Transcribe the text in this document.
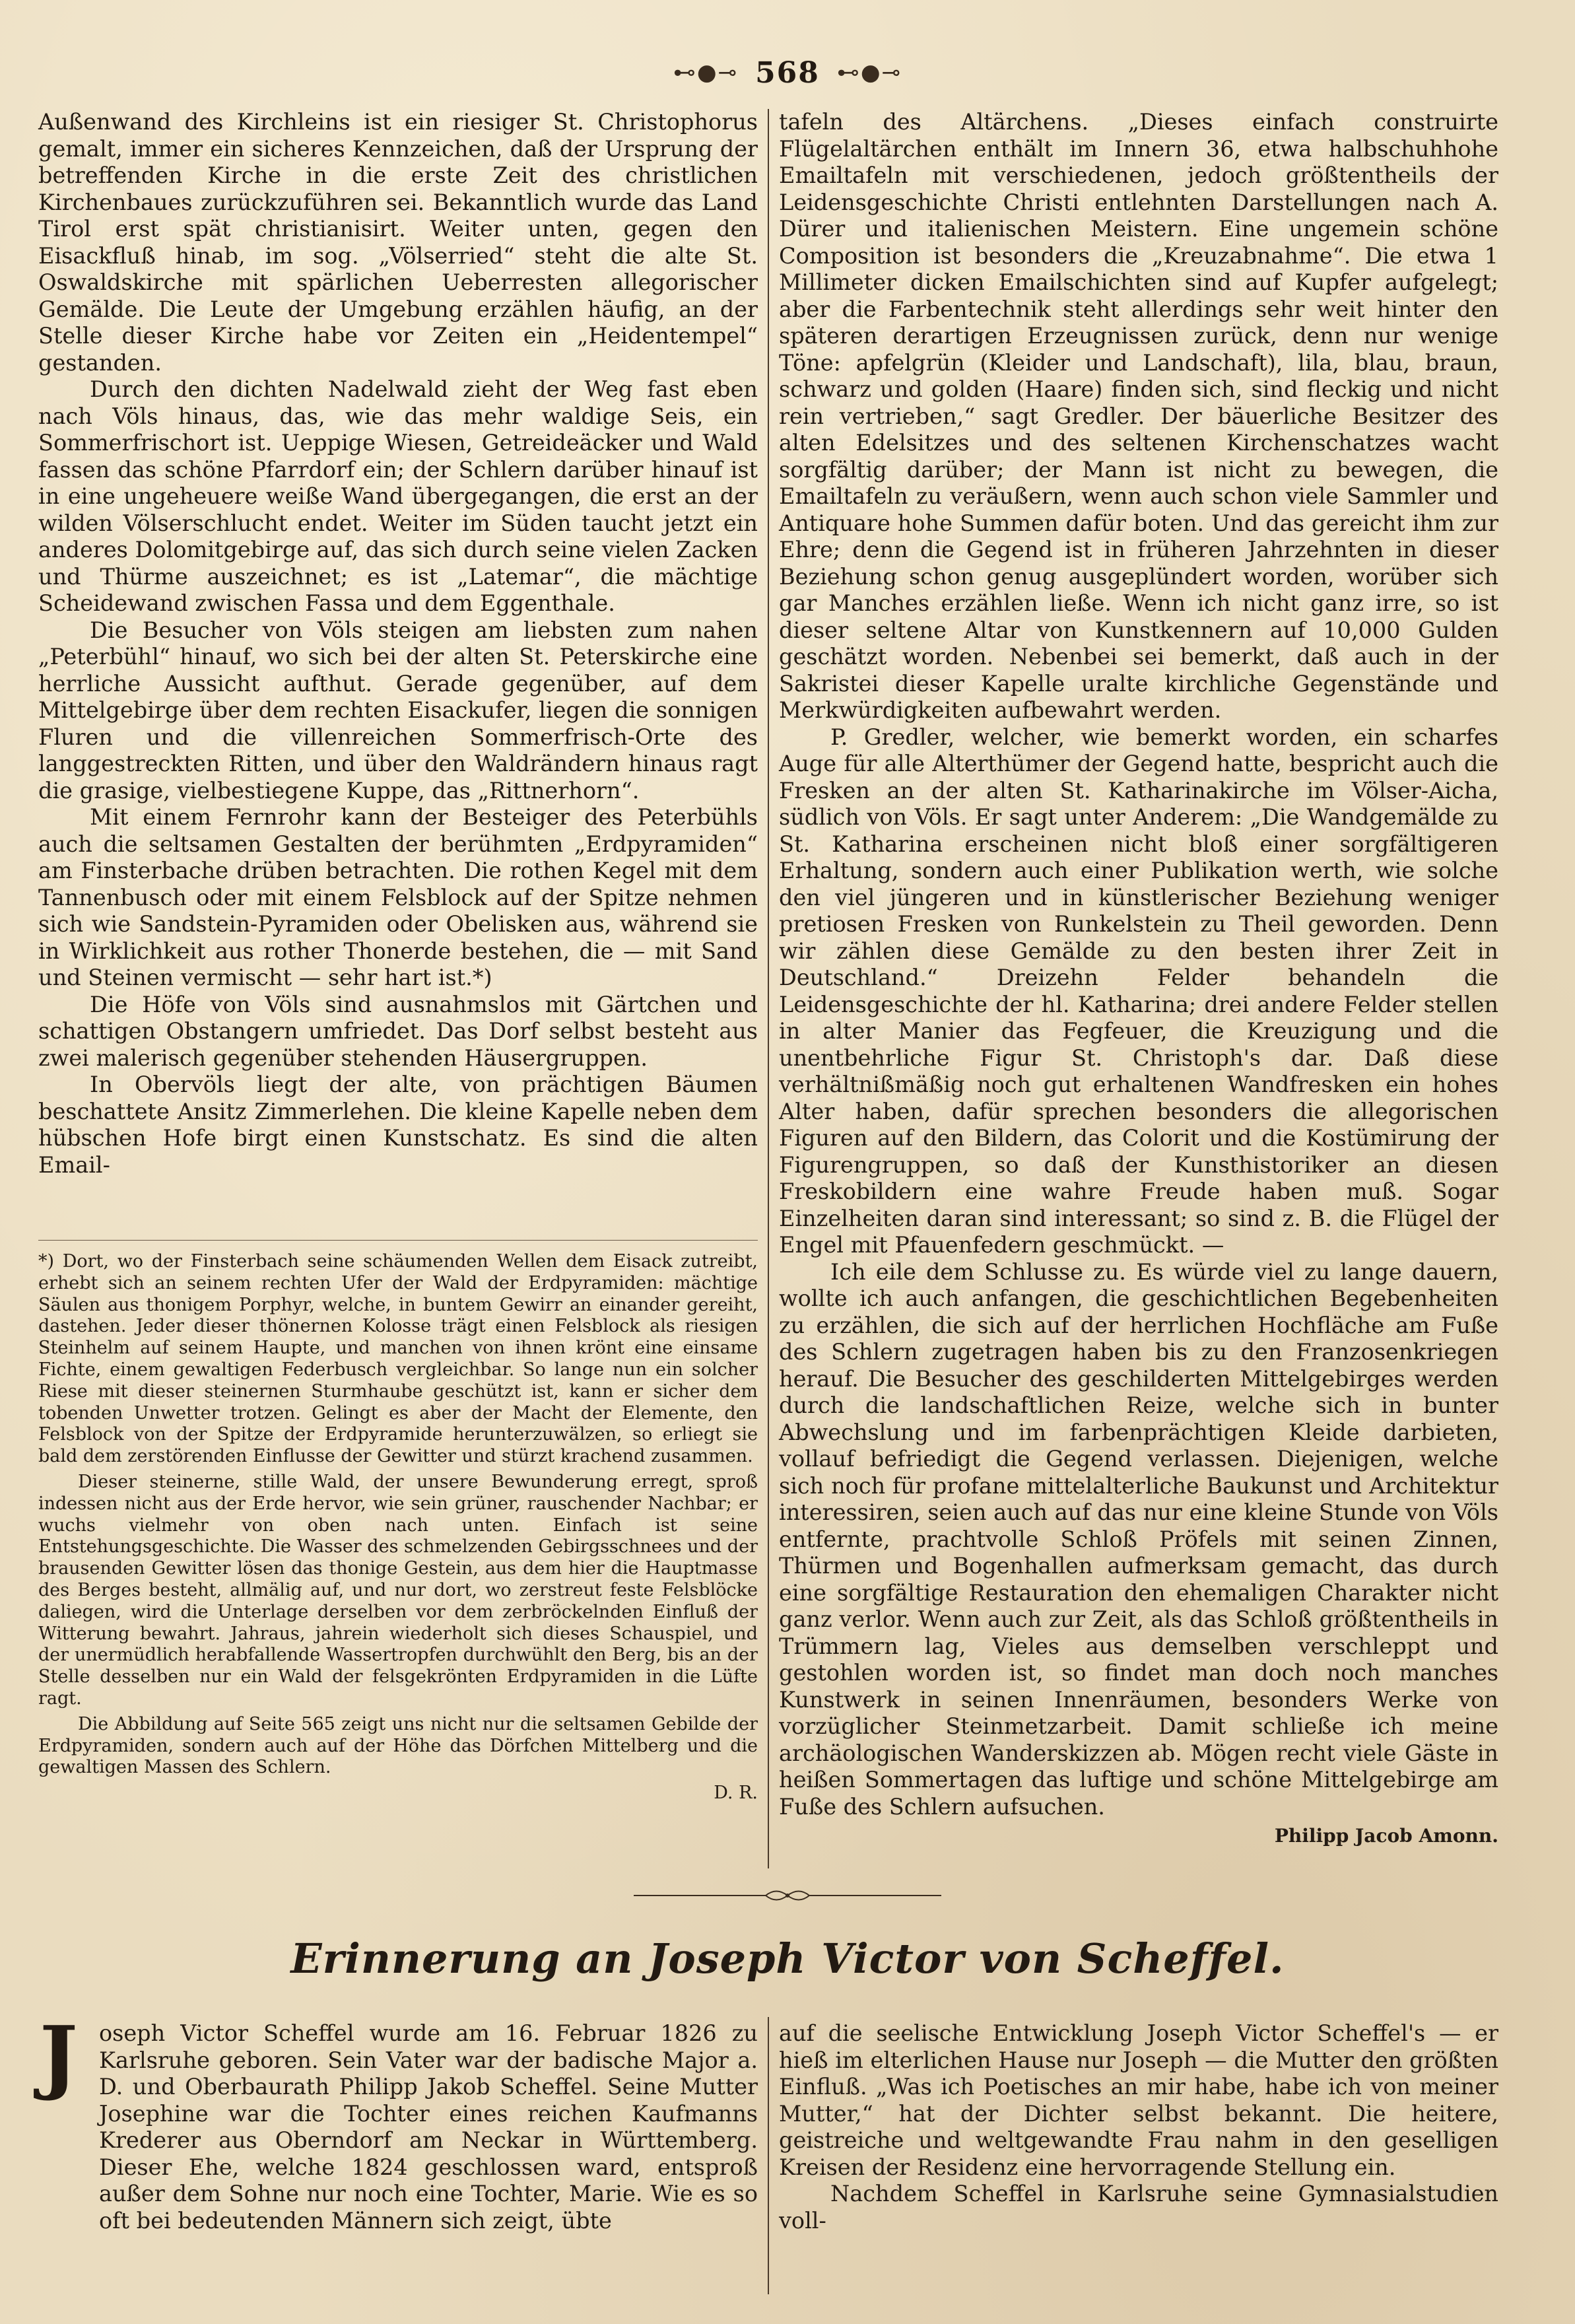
⊷●⊸ 568 ⊷●⊸

Außenwand des Kirchleins ist ein riesiger St. Christophorus gemalt, immer ein sicheres Kennzeichen, daß der Ursprung der betreffenden Kirche in die erste Zeit des christlichen Kirchenbaues zurückzuführen sei. Bekanntlich wurde das Land Tirol erst spät christianisirt. Weiter unten, gegen den Eisackfluß hinab, im sog. „Völserried“ steht die alte St. Oswaldskirche mit spärlichen Ueberresten allegorischer Gemälde. Die Leute der Umgebung erzählen häufig, an der Stelle dieser Kirche habe vor Zeiten ein „Heidentempel“ gestanden.

Durch den dichten Nadelwald zieht der Weg fast eben nach Völs hinaus, das, wie das mehr waldige Seis, ein Sommerfrischort ist. Ueppige Wiesen, Getreideäcker und Wald fassen das schöne Pfarrdorf ein; der Schlern darüber hinauf ist in eine ungeheuere weiße Wand übergegangen, die erst an der wilden Völserschlucht endet. Weiter im Süden taucht jetzt ein anderes Dolomitgebirge auf, das sich durch seine vielen Zacken und Thürme auszeichnet; es ist „Latemar“, die mächtige Scheidewand zwischen Fassa und dem Eggenthale.

Die Besucher von Völs steigen am liebsten zum nahen „Peterbühl“ hinauf, wo sich bei der alten St. Peterskirche eine herrliche Aussicht aufthut. Gerade gegenüber, auf dem Mittelgebirge über dem rechten Eisackufer, liegen die sonnigen Fluren und die villenreichen Sommerfrisch-Orte des langgestreckten Ritten, und über den Waldrändern hinaus ragt die grasige, vielbestiegene Kuppe, das „Rittnerhorn“.

Mit einem Fernrohr kann der Besteiger des Peterbühls auch die seltsamen Gestalten der berühmten „Erdpyramiden“ am Finsterbache drüben betrachten. Die rothen Kegel mit dem Tannenbusch oder mit einem Felsblock auf der Spitze nehmen sich wie Sandstein-Pyramiden oder Obelisken aus, während sie in Wirklichkeit aus rother Thonerde bestehen, die — mit Sand und Steinen vermischt — sehr hart ist.*)

Die Höfe von Völs sind ausnahmslos mit Gärtchen und schattigen Obstangern umfriedet. Das Dorf selbst besteht aus zwei malerisch gegenüber stehenden Häusergruppen.

In Obervöls liegt der alte, von prächtigen Bäumen beschattete Ansitz Zimmerlehen. Die kleine Kapelle neben dem hübschen Hofe birgt einen Kunstschatz. Es sind die alten Email-

*) Dort, wo der Finsterbach seine schäumenden Wellen dem Eisack zutreibt, erhebt sich an seinem rechten Ufer der Wald der Erdpyramiden: mächtige Säulen aus thonigem Porphyr, welche, in buntem Gewirr an einander gereiht, dastehen. Jeder dieser thönernen Kolosse trägt einen Felsblock als riesigen Steinhelm auf seinem Haupte, und manchen von ihnen krönt eine einsame Fichte, einem gewaltigen Federbusch vergleichbar. So lange nun ein solcher Riese mit dieser steinernen Sturmhaube geschützt ist, kann er sicher dem tobenden Unwetter trotzen. Gelingt es aber der Macht der Elemente, den Felsblock von der Spitze der Erdpyramide herunterzuwälzen, so erliegt sie bald dem zerstörenden Einflusse der Gewitter und stürzt krachend zusammen.

Dieser steinerne, stille Wald, der unsere Bewunderung erregt, sproß indessen nicht aus der Erde hervor, wie sein grüner, rauschender Nachbar; er wuchs vielmehr von oben nach unten. Einfach ist seine Entstehungsgeschichte. Die Wasser des schmelzenden Gebirgsschnees und der brausenden Gewitter lösen das thonige Gestein, aus dem hier die Hauptmasse des Berges besteht, allmälig auf, und nur dort, wo zerstreut feste Felsblöcke daliegen, wird die Unterlage derselben vor dem zerbröckelnden Einfluß der Witterung bewahrt. Jahraus, jahrein wiederholt sich dieses Schauspiel, und der unermüdlich herabfallende Wassertropfen durchwühlt den Berg, bis an der Stelle desselben nur ein Wald der felsgekrönten Erdpyramiden in die Lüfte ragt.

Die Abbildung auf Seite 565 zeigt uns nicht nur die seltsamen Gebilde der Erdpyramiden, sondern auch auf der Höhe das Dörfchen Mittelberg und die gewaltigen Massen des Schlern.

D. R.

tafeln des Altärchens. „Dieses einfach construirte Flügelaltärchen enthält im Innern 36, etwa halbschuhhohe Emailtafeln mit verschiedenen, jedoch größtentheils der Leidensgeschichte Christi entlehnten Darstellungen nach A. Dürer und italienischen Meistern. Eine ungemein schöne Composition ist besonders die „Kreuzabnahme“. Die etwa 1 Millimeter dicken Emailschichten sind auf Kupfer aufgelegt; aber die Farbentechnik steht allerdings sehr weit hinter den späteren derartigen Erzeugnissen zurück, denn nur wenige Töne: apfelgrün (Kleider und Landschaft), lila, blau, braun, schwarz und golden (Haare) finden sich, sind fleckig und nicht rein vertrieben,“ sagt Gredler. Der bäuerliche Besitzer des alten Edelsitzes und des seltenen Kirchenschatzes wacht sorgfältig darüber; der Mann ist nicht zu bewegen, die Emailtafeln zu veräußern, wenn auch schon viele Sammler und Antiquare hohe Summen dafür boten. Und das gereicht ihm zur Ehre; denn die Gegend ist in früheren Jahrzehnten in dieser Beziehung schon genug ausgeplündert worden, worüber sich gar Manches erzählen ließe. Wenn ich nicht ganz irre, so ist dieser seltene Altar von Kunstkennern auf 10,000 Gulden geschätzt worden. Nebenbei sei bemerkt, daß auch in der Sakristei dieser Kapelle uralte kirchliche Gegenstände und Merkwürdigkeiten aufbewahrt werden.

P. Gredler, welcher, wie bemerkt worden, ein scharfes Auge für alle Alterthümer der Gegend hatte, bespricht auch die Fresken an der alten St. Katharinakirche im Völser-Aicha, südlich von Völs. Er sagt unter Anderem: „Die Wandgemälde zu St. Katharina erscheinen nicht bloß einer sorgfältigeren Erhaltung, sondern auch einer Publikation werth, wie solche den viel jüngeren und in künstlerischer Beziehung weniger pretiosen Fresken von Runkelstein zu Theil geworden. Denn wir zählen diese Gemälde zu den besten ihrer Zeit in Deutschland.“ Dreizehn Felder behandeln die Leidensgeschichte der hl. Katharina; drei andere Felder stellen in alter Manier das Fegfeuer, die Kreuzigung und die unentbehrliche Figur St. Christoph's dar. Daß diese verhältnißmäßig noch gut erhaltenen Wandfresken ein hohes Alter haben, dafür sprechen besonders die allegorischen Figuren auf den Bildern, das Colorit und die Kostümirung der Figurengruppen, so daß der Kunsthistoriker an diesen Freskobildern eine wahre Freude haben muß. Sogar Einzelheiten daran sind interessant; so sind z. B. die Flügel der Engel mit Pfauenfedern geschmückt. —

Ich eile dem Schlusse zu. Es würde viel zu lange dauern, wollte ich auch anfangen, die geschichtlichen Begebenheiten zu erzählen, die sich auf der herrlichen Hochfläche am Fuße des Schlern zugetragen haben bis zu den Franzosenkriegen herauf. Die Besucher des geschilderten Mittelgebirges werden durch die landschaftlichen Reize, welche sich in bunter Abwechslung und im farbenprächtigen Kleide darbieten, vollauf befriedigt die Gegend verlassen. Diejenigen, welche sich noch für profane mittelalterliche Baukunst und Architektur interessiren, seien auch auf das nur eine kleine Stunde von Völs entfernte, prachtvolle Schloß Pröfels mit seinen Zinnen, Thürmen und Bogenhallen aufmerksam gemacht, das durch eine sorgfältige Restauration den ehemaligen Charakter nicht ganz verlor. Wenn auch zur Zeit, als das Schloß größtentheils in Trümmern lag, Vieles aus demselben verschleppt und gestohlen worden ist, so findet man doch noch manches Kunstwerk in seinen Innenräumen, besonders Werke von vorzüglicher Steinmetzarbeit. Damit schließe ich meine archäologischen Wanderskizzen ab. Mögen recht viele Gäste in heißen Sommertagen das luftige und schöne Mittelgebirge am Fuße des Schlern aufsuchen.

Philipp Jacob Amonn.
Erinnerung an Joseph Victor von Scheffel.
J oseph Victor Scheffel wurde am 16. Februar 1826 zu Karlsruhe geboren. Sein Vater war der badische Major a. D. und Oberbaurath Philipp Jakob Scheffel. Seine Mutter Josephine war die Tochter eines reichen Kaufmanns Krederer aus Oberndorf am Neckar in Württemberg. Dieser Ehe, welche 1824 geschlossen ward, entsproß außer dem Sohne nur noch eine Tochter, Marie. Wie es so oft bei bedeutenden Männern sich zeigt, übte

auf die seelische Entwicklung Joseph Victor Scheffel's — er hieß im elterlichen Hause nur Joseph — die Mutter den größten Einfluß. „Was ich Poetisches an mir habe, habe ich von meiner Mutter,“ hat der Dichter selbst bekannt. Die heitere, geistreiche und weltgewandte Frau nahm in den geselligen Kreisen der Residenz eine hervorragende Stellung ein.

Nachdem Scheffel in Karlsruhe seine Gymnasialstudien voll-
